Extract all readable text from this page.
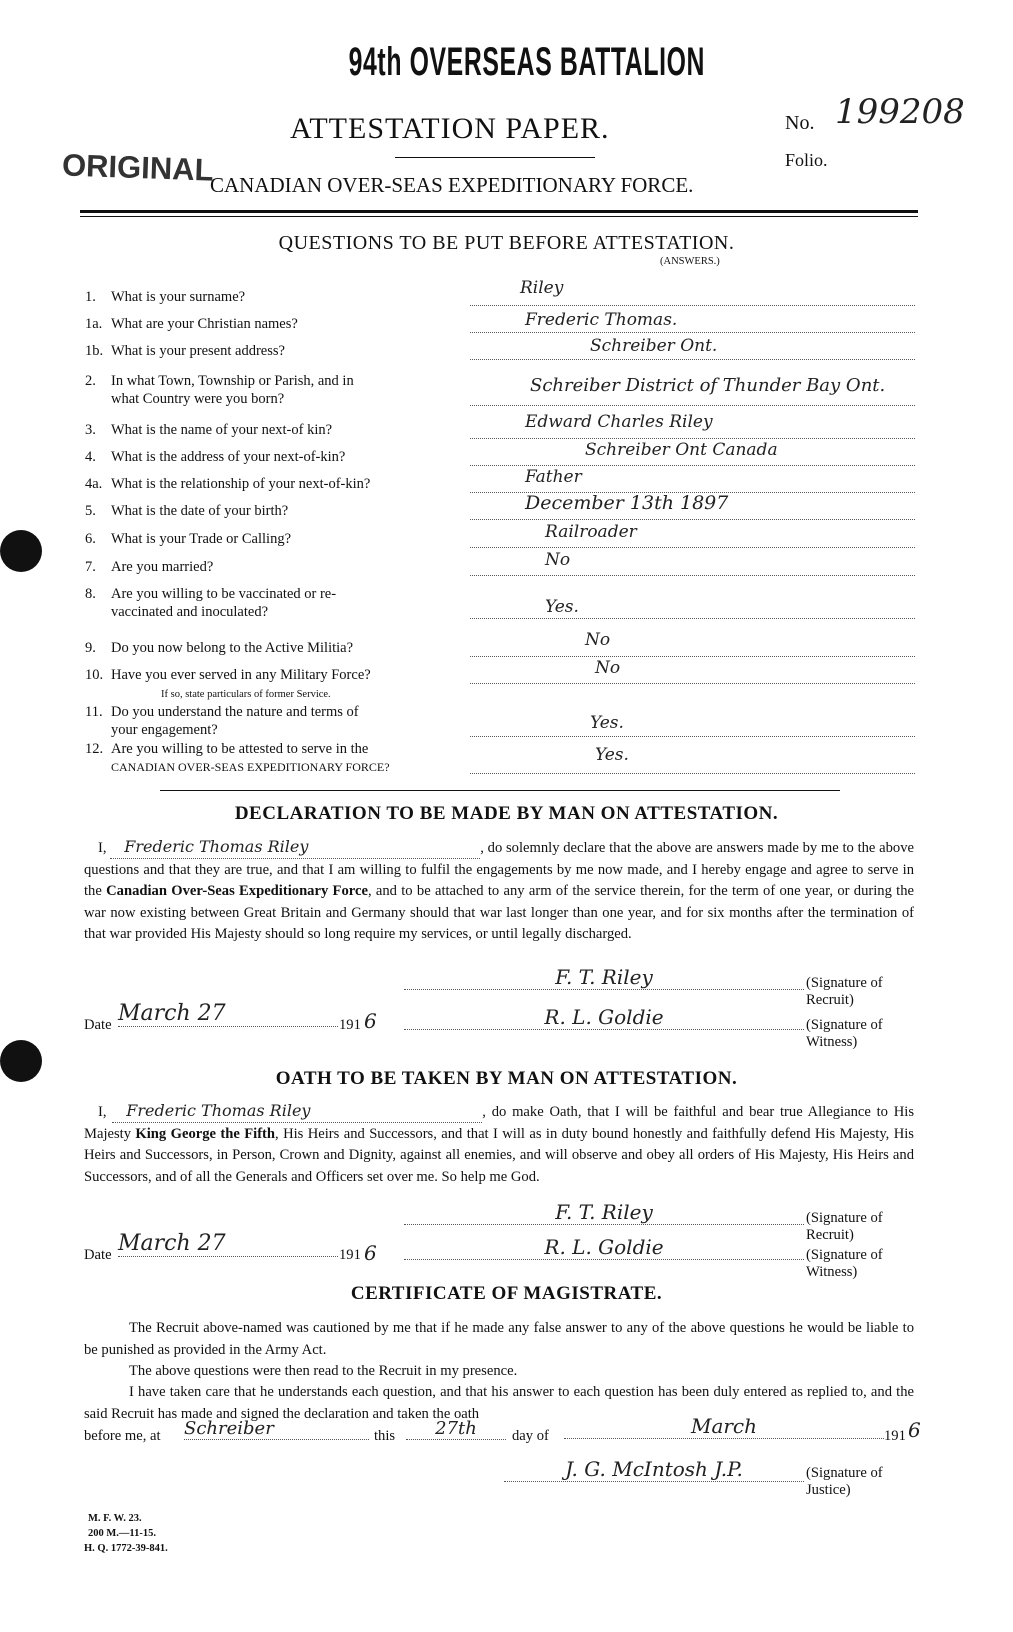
94th OVERSEAS BATTALION
ATTESTATION PAPER.	No. 199208
Folio.
ORIGINAL
CANADIAN OVER-SEAS EXPEDITIONARY FORCE.
QUESTIONS TO BE PUT BEFORE ATTESTATION.
(ANSWERS.)
1. What is your surname?	Riley
1a. What are your Christian names?	Frederic Thomas.
1b. What is your present address?	Schreiber Ont.
2. In what Town, Township or Parish, and in
what Country were you born?
Schreiber District of Thunder Bay Ont.
3. What is the name of your next-of kin?	Edward Charles Riley
4. What is the address of your next-of-kin?	Schreiber Ont Canada
4a. What is the relationship of your next-of-kin?	Father
5. What is the date of your birth?	December 13th 1897
6. What is your Trade or Calling?	Railroader
7. Are you married?	No
8. Are you willing to be vaccinated or re-
vaccinated and inoculated?	Yes.
9. Do you now belong to the Active Militia?	No
10. Have you ever served in any Military Force?
If so, state particulars of former Service.
No
11. Do you understand the nature and terms of
your engagement?	Yes.
12. Are you willing to be attested to serve in the
CANADIAN OVER-SEAS EXPEDITIONARY FORCE?
Yes.
DECLARATION TO BE MADE BY MAN ON ATTESTATION.
I, Frederic Thomas Riley	, do solemnly declare that the above are answers made by me to the above questions and that they are true, and that I am willing to fulfil the engagements by me now made, and I hereby engage and agree to serve in the Canadian Over-Seas Expeditionary Force, and to be attached to any arm of the service therein, for the term of one year, or during the war now existing between Great Britain and Germany should that war last longer than one year, and for six months after the termination of that war provided His Majesty should so long require my services, or until legally discharged.
F. T. Riley	(Signature of Recruit)
Date March 27	191 6	R. L. Goldie	(Signature of Witness)
OATH TO BE TAKEN BY MAN ON ATTESTATION.
I, Frederic Thomas Riley	, do make Oath, that I will be faithful and bear true Allegiance to His Majesty King George the Fifth, His Heirs and Successors, and that I will as in duty bound honestly and faithfully defend His Majesty, His Heirs and Successors, in Person, Crown and Dignity, against all enemies, and will observe and obey all orders of His Majesty, His Heirs and Successors, and of all the Generals and Officers set over me. So help me God.
F. T. Riley	(Signature of Recruit)
Date March 27	191 6	R. L. Goldie	(Signature of Witness)
CERTIFICATE OF MAGISTRATE.
The Recruit above-named was cautioned by me that if he made any false answer to any of the above questions he would be liable to be punished as provided in the Army Act.
The above questions were then read to the Recruit in my presence.
I have taken care that he understands each question, and that his answer to each question has been duly entered as replied to, and the said Recruit has made and signed the declaration and taken the oath
before me, at Schreiber	this	27th	day of	March	191 6
J. G. McIntosh J.P.	(Signature of Justice)
M. F. W. 23.
200 M.—11-15.
H. Q. 1772-39-841.
